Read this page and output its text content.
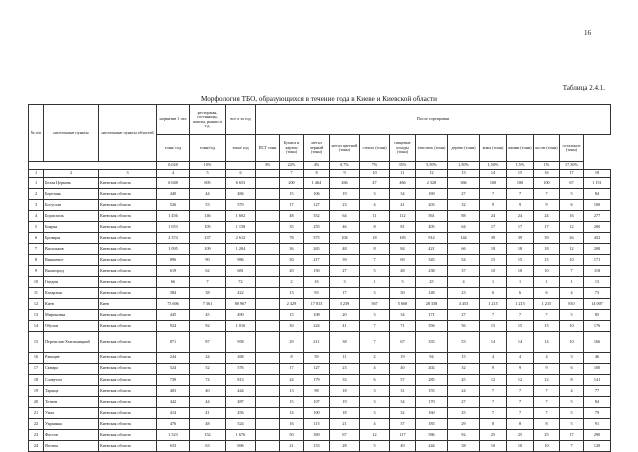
16
Таблица 2.4.1.
Морфология ТБО, образующихся в течение года в Киеве и Киевской области
№ п/п	населенные пункты	населенные пункты областей	норматив 1 чел	рестораны, гостиницы, школы, рынки и т.д.	все о за год	После сортировки												
			тонн/ год	тонн/год	тонн/ год	ПСТ тонн	Бумага и картон (тонн)	метал черный (тонн)	метал цветной (тонн)	стекло (тонн)	пищевые отходы (тонн)	текстиль (тонн)	дерево (тонн)	кожа (тонн)	камни (тонн)	кости (тонн)	остальное (тонн)	

			0,028	10%		3%	22%	4%	0,7%	7%	35%	5,50%	1,50%	1,50%	1,5%	1%	17,30%	
1	2	3	4	5	6		7	8	9	10	11	12	13	14	15	16	17	18
1	Белая Церковь	Киевская область	6 048	605	6 653		200	1 464	266	47	466	2 328	366	100	100	100	67	1 151
2	Березань	Киевская область	440	44	484		15	106	19	3	34	169	27	7	7	7	5	84
3	Богуслав	Киевская область	526	53	579		17	127	23	4	41	203	32	9	9	9	6	100
4	Борисполь	Киевская область	1 456	146	1 602		48	352	64	11	112	561	88	24	24	24	16	277
5	Боярка	Киевская область	1 053	105	1 158		35	255	46	8	81	405	64	17	17	17	12	200
6	Бровары	Киевская область	2 374	237	2 612		78	575	104	18	183	914	144	39	39	39	26	452
7	Васильков	Киевская область	1 095	109	1 204		36	265	48	8	84	421	66	18	18	18	12	208
8	Вишневое	Киевская область	896	90	986		30	217	39	7	69	345	54	15	15	15	10	171
9	Вышгород	Киевская область	619	62	681		20	150	27	5	48	238	37	10	10	10	7	118
10	Гнедин	Киевская область	66	7	72		2	16	3	1	5	25	4	1	1	1	1	13
11	Кагарлык	Киевская область	384	38	422		13	93	17	3	30	148	23	6	6	6	4	73
12	Киев	Киев	73 606	7 361	80 967		2 429	17 813	3 239	567	5 668	28 338	4 453	1 215	1 215	1 215	810	14 007
13	Мироновка	Киевская область	445	45	490		15	108	20	3	34	171	27	7	7	7	5	85
14	Обухов	Киевская область	924	92	1 016		30	224	41	7	71	356	56	15	15	15	10	176
15	Переяслав-Хмельницкий	Киевская область	871	87	958		29	211	38	7	67	335	53	14	14	14	10	166
16	Ржищев	Киевская область	244	24	268		8	59	11	2	19	94	15	4	4	4	3	46
17	Сквира	Киевская область	524	52	576		17	127	23	4	40	202	32	9	9	9	6	100
18	Славутич	Киевская область	739	74	813		24	179	33	6	57	285	45	12	12	12	8	141
19	Тараща	Киевская область	403	40	444		13	98	18	3	31	155	24	7	7	7	4	77
20	Тетиев	Киевская область	442	44	487		15	107	19	3	34	170	27	7	7	7	5	84
21	Узин	Киевская область	414	41	456		14	100	18	3	32	160	25	7	7	7	5	79
22	Украинка	Киевская область	476	48	524		16	115	21	4	37	183	29	8	8	8	5	91
23	Фастов	Киевская область	1 523	152	1 676		50	369	67	12	117	586	92	25	25	25	17	290
24	Яготин	Киевская область	633	63	696		21	153	28	5	49	244	38	10	10	10	7	120
